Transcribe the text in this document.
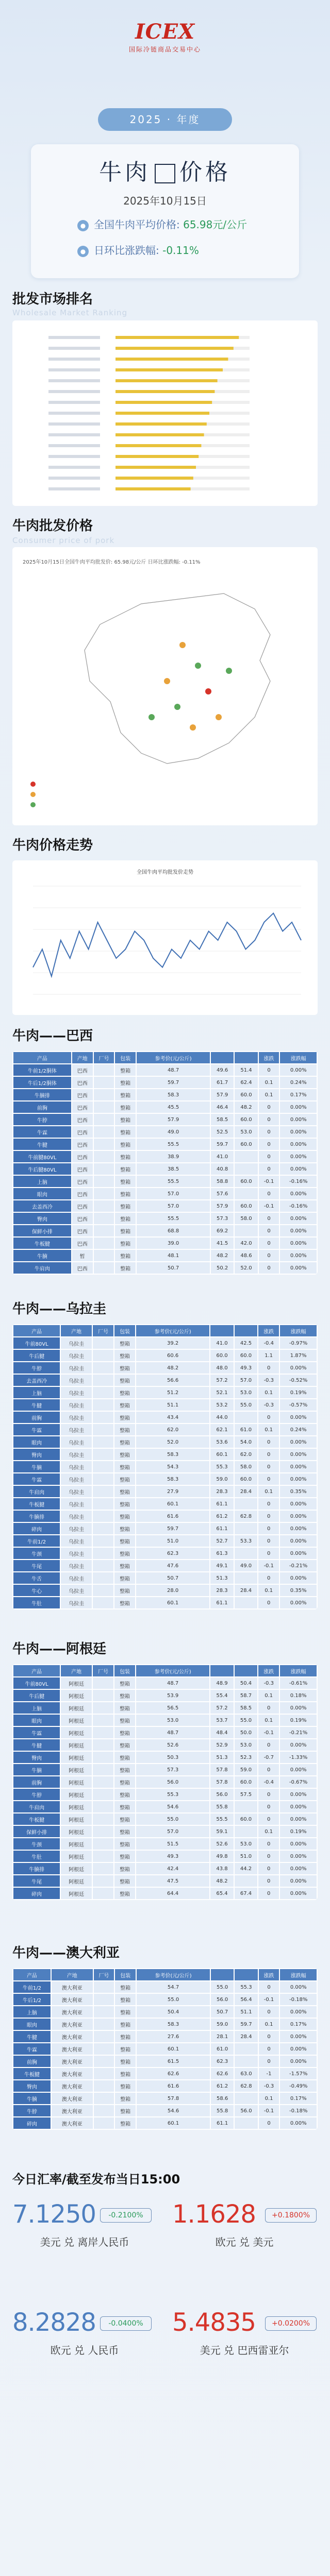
ICEX
国际冷链商品交易中心
2025 · 年度
牛肉 价格
2025年10月15日
● 全国牛肉平均价格: 65.98元/公斤
● 日环比涨跌幅: -0.11%
批发市场排名
Wholesale Market Ranking
牛肉批发价格
Consumer price of pork
2025年10月15日全国牛肉平均批发价: 65.98元/公斤 日环比涨跌幅: -0.11%
牛肉价格走势
全国牛肉平均批发价走势
牛肉——巴西
产品	产地	厂号	包装	参考价(元/公斤)			涨跌	涨跌幅
牛前1/2胴体	巴西		整箱	48.7	49.6	51.4	0	0.00%
牛后1/2胴体	巴西		整箱	59.7	61.7	62.4	0.1	0.24%
牛腩排	巴西		整箱	58.3	57.9	60.0	0.1	0.17%
前胸	巴西		整箱	45.5	46.4	48.2	0	0.00%
牛脖	巴西		整箱	57.9	58.5	60.0	0	0.00%
牛霖	巴西		整箱	49.0	52.5	53.0	0	0.00%
牛腱	巴西		整箱	55.5	59.7	60.0	0	0.00%
牛前腱80VL	巴西		整箱	38.9	41.0		0	0.00%
牛后腱80VL	巴西		整箱	38.5	40.8		0	0.00%
上脑	巴西		整箱	55.5	58.8	60.0	-0.1	-0.16%
眼肉	巴西		整箱	57.0	57.6		0	0.00%
去盖西冷	巴西		整箱	57.0	57.9	60.0	-0.1	-0.16%
臀肉	巴西		整箱	55.5	57.3	58.0	0	0.00%
保鲜小排	巴西		整箱	68.8	69.2		0	0.00%
牛板腱	巴西		整箱	39.0	41.5	42.0	0	0.00%
牛腩	暂		整箱	48.1	48.2	48.6	0	0.00%
牛肩肉	巴西		整箱	50.7	50.2	52.0	0	0.00%
牛肉——乌拉圭
产品	产地	厂号	包装	参考价(元/公斤)			涨跌	涨跌幅
牛前80VL	乌拉圭		整箱	39.2	41.0	42.5	-0.4	-0.97%
牛后腱	乌拉圭		整箱	60.6	60.0	60.0	1.1	1.87%
牛脖	乌拉圭		整箱	48.2	48.0	49.3	0	0.00%
去盖西冷	乌拉圭		整箱	56.6	57.2	57.0	-0.3	-0.52%
上脑	乌拉圭		整箱	51.2	52.1	53.0	0.1	0.19%
牛腱	乌拉圭		整箱	51.1	53.2	55.0	-0.3	-0.57%
前胸	乌拉圭		整箱	43.4	44.0		0	0.00%
牛霖	乌拉圭		整箱	62.0	62.1	61.0	0.1	0.24%
眼肉	乌拉圭		整箱	52.0	53.6	54.0	0	0.00%
臀肉	乌拉圭		整箱	58.3	60.1	62.0	0	0.00%
牛腩	乌拉圭		整箱	54.3	55.3	58.0	0	0.00%
牛霖	乌拉圭		整箱	58.3	59.0	60.0	0	0.00%
牛肩肉	乌拉圭		整箱	27.9	28.3	28.4	0.1	0.35%
牛板腱	乌拉圭		整箱	60.1	61.1		0	0.00%
牛腩排	乌拉圭		整箱	61.6	61.2	62.8	0	0.00%
碎肉	乌拉圭		整箱	59.7	61.1		0	0.00%
牛前1/2	乌拉圭		整箱	51.0	52.7	53.3	0	0.00%
牛颈	乌拉圭		整箱	62.3	61.3		0	0.00%
牛尾	乌拉圭		整箱	47.6	49.1	49.0	-0.1	-0.21%
牛舌	乌拉圭		整箱	50.7	51.3		0	0.00%
牛心	乌拉圭		整箱	28.0	28.3	28.4	0.1	0.35%
牛肚	乌拉圭		整箱	60.1	61.1		0	0.00%
牛肉——阿根廷
产品	产地	厂号	包装	参考价(元/公斤)			涨跌	涨跌幅
牛前80VL	阿根廷		整箱	48.7	48.9	50.4	-0.3	-0.61%
牛后腱	阿根廷		整箱	53.9	55.4	58.7	0.1	0.18%
上脑	阿根廷		整箱	56.5	57.2	58.5	0	0.00%
眼肉	阿根廷		整箱	53.0	53.7	55.0	0.1	0.19%
牛霖	阿根廷		整箱	48.7	48.4	50.0	-0.1	-0.21%
牛腱	阿根廷		整箱	52.6	52.9	53.0	0	0.00%
臀肉	阿根廷		整箱	50.3	51.3	52.3	-0.7	-1.33%
牛腩	阿根廷		整箱	57.3	57.8	59.0	0	0.00%
前胸	阿根廷		整箱	56.0	57.8	60.0	-0.4	-0.67%
牛脖	阿根廷		整箱	55.3	56.0	57.5	0	0.00%
牛肩肉	阿根廷		整箱	54.6	55.8		0	0.00%
牛板腱	阿根廷		整箱	55.0	55.5	60.0	0	0.00%
保鲜小排	阿根廷		整箱	57.0	59.1		0.1	0.19%
牛颈	阿根廷		整箱	51.5	52.6	53.0	0	0.00%
牛肚	阿根廷		整箱	49.3	49.8	51.0	0	0.00%
牛腩排	阿根廷		整箱	42.4	43.8	44.2	0	0.00%
牛尾	阿根廷		整箱	47.5	48.2		0	0.00%
碎肉	阿根廷		整箱	64.4	65.4	67.4	0	0.00%
牛肉——澳大利亚
产品	产地	厂号	包装	参考价(元/公斤)			涨跌	涨跌幅
牛前1/2	澳大利亚		整箱	54.7	55.0	55.3	0	0.00%
牛后1/2	澳大利亚		整箱	55.0	56.0	56.4	-0.1	-0.18%
上脑	澳大利亚		整箱	50.4	50.7	51.1	0	0.00%
眼肉	澳大利亚		整箱	58.3	59.0	59.7	0.1	0.17%
牛腱	澳大利亚		整箱	27.6	28.1	28.4	0	0.00%
牛霖	澳大利亚		整箱	60.1	61.0		0	0.00%
前胸	澳大利亚		整箱	61.5	62.3		0	0.00%
牛板腱	澳大利亚		整箱	62.6	62.6	63.0	-1	-1.57%
臀肉	澳大利亚		整箱	61.6	61.2	62.8	-0.3	-0.49%
牛腩	澳大利亚		整箱	57.8	58.6		0.1	0.17%
牛脖	澳大利亚		整箱	54.6	55.8	56.0	-0.1	-0.18%
碎肉	澳大利亚		整箱	60.1	61.1		0	0.00%
今日汇率/截至发布当日15:00
7.1250	-0.2100%
美元 兑 离岸人民币
1.1628	+0.1800%
欧元 兑 美元
8.2828	-0.0400%
欧元 兑 人民币
5.4835	+0.0200%
美元 兑 巴西雷亚尔
